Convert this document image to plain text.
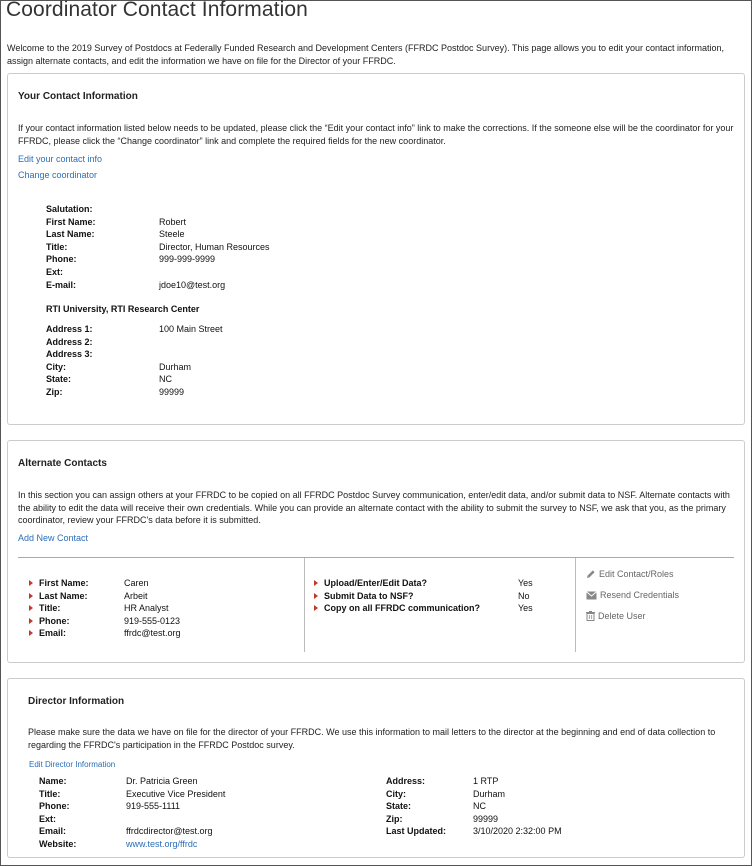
Coordinator Contact Information

Welcome to the 2019 Survey of Postdocs at Federally Funded Research and Development Centers (FFRDC Postdoc Survey). This page allows you to edit your contact information, assign alternate contacts, and edit the information we have on file for the Director of your FFRDC.

Your Contact Information

If your contact information listed below needs to be updated, please click the “Edit your contact info” link to make the corrections. If the someone else will be the coordinator for your FFRDC, please click the “Change coordinator” link and complete the required fields for the new coordinator.

Edit your contact info
Change coordinator
Salutation:
First Name:	Robert
Last Name:	Steele
Title:	Director, Human Resources
Phone:	999-999-9999
Ext:
E-mail:	jdoe10@test.org
RTI University, RTI Research Center
Address 1:	100 Main Street
Address 2:
Address 3:
City:	Durham
State:	NC
Zip:	99999
Alternate Contacts

In this section you can assign others at your FFRDC to be copied on all FFRDC Postdoc Survey communication, enter/edit data, and/or submit data to NSF. Alternate contacts with the ability to edit the data will receive their own credentials. While you can provide an alternate contact with the ability to submit the survey to NSF, we ask that you, as the primary coordinator, review your FFRDC's data before it is submitted.

Add New Contact
First Name:	Caren
Last Name:	Arbeit
Title:	HR Analyst
Phone:	919-555-0123
Email:	ffrdc@test.org
Upload/Enter/Edit Data?	Yes
Submit Data to NSF?	No
Copy on all FFRDC communication?	Yes
Edit Contact/Roles
Resend Credentials
Delete User
Director Information

Please make sure the data we have on file for the director of your FFRDC. We use this information to mail letters to the director at the beginning and end of data collection to regarding the FFRDC's participation in the FFRDC Postdoc survey.

Edit Director Information
Name:	Dr. Patricia Green
Title:	Executive Vice President
Phone:	919-555-1111
Ext:
Email:	ffrdcdirector@test.org
Website:	www.test.org/ffrdc
Address:	1 RTP
City:	Durham
State:	NC
Zip:	99999
Last Updated:	3/10/2020 2:32:00 PM
